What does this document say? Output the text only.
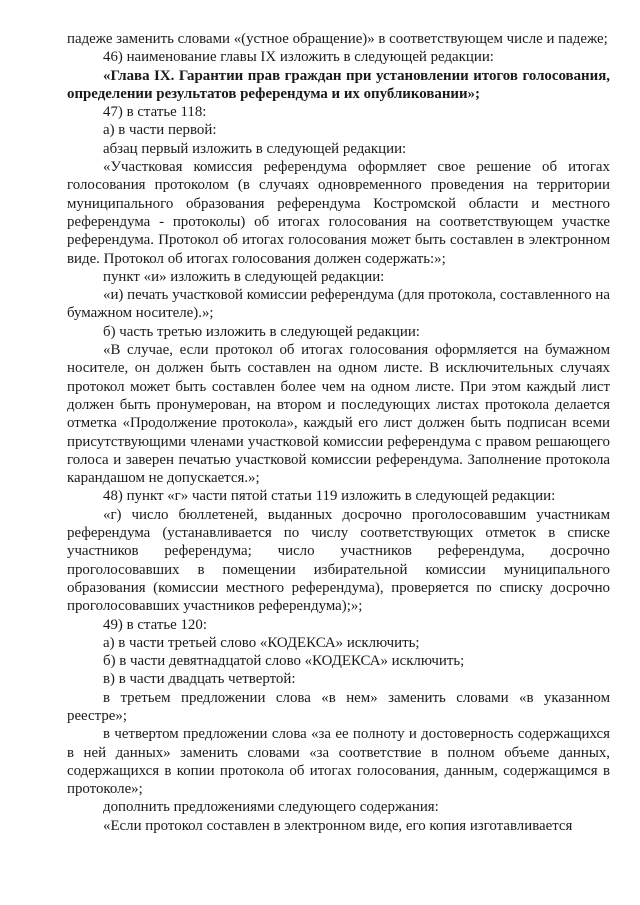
падеже заменить словами «(устное обращение)» в соответствующем числе и падеже;

46) наименование главы IX изложить в следующей редакции:

«Глава IX. Гарантии прав граждан при установлении итогов голосования, определении результатов референдума и их опубликовании»;

47) в статье 118:

а) в части первой:

абзац первый изложить в следующей редакции:

«Участковая комиссия референдума оформляет свое решение об итогах голосования протоколом (в случаях одновременного проведения на территории муниципального образования референдума Костромской области и местного референдума - протоколы) об итогах голосования на соответствующем участке референдума. Протокол об итогах голосования может быть составлен в электронном виде. Протокол об итогах голосования должен содержать:»;

пункт «и» изложить в следующей редакции:

«и) печать участковой комиссии референдума (для протокола, составленного на бумажном носителе).»;

б) часть третью изложить в следующей редакции:

«В случае, если протокол об итогах голосования оформляется на бумажном носителе, он должен быть составлен на одном листе. В исключительных случаях протокол может быть составлен более чем на одном листе. При этом каждый лист должен быть пронумерован, на втором и последующих листах протокола делается отметка «Продолжение протокола», каждый его лист должен быть подписан всеми присутствующими членами участковой комиссии референдума с правом решающего голоса и заверен печатью участковой комиссии референдума. Заполнение протокола карандашом не допускается.»;

48) пункт «г» части пятой статьи 119 изложить в следующей редакции:

«г) число бюллетеней, выданных досрочно проголосовавшим участникам референдума (устанавливается по числу соответствующих отметок в списке участников референдума; число участников референдума, досрочно проголосовавших в помещении избирательной комиссии муниципального образования (комиссии местного референдума), проверяется по списку досрочно проголосовавших участников референдума);»;

49) в статье 120:

а) в части третьей слово «КОДЕКСА» исключить;

б) в части девятнадцатой слово «КОДЕКСА» исключить;

в) в части двадцать четвертой:

в третьем предложении слова «в нем» заменить словами «в указанном реестре»;

в четвертом предложении слова «за ее полноту и достоверность содержащихся в ней данных» заменить словами «за соответствие в полном объеме данных, содержащихся в копии протокола об итогах голосования, данным, содержащимся в протоколе»;

дополнить предложениями следующего содержания:

«Если протокол составлен в электронном виде, его копия изготавливается
